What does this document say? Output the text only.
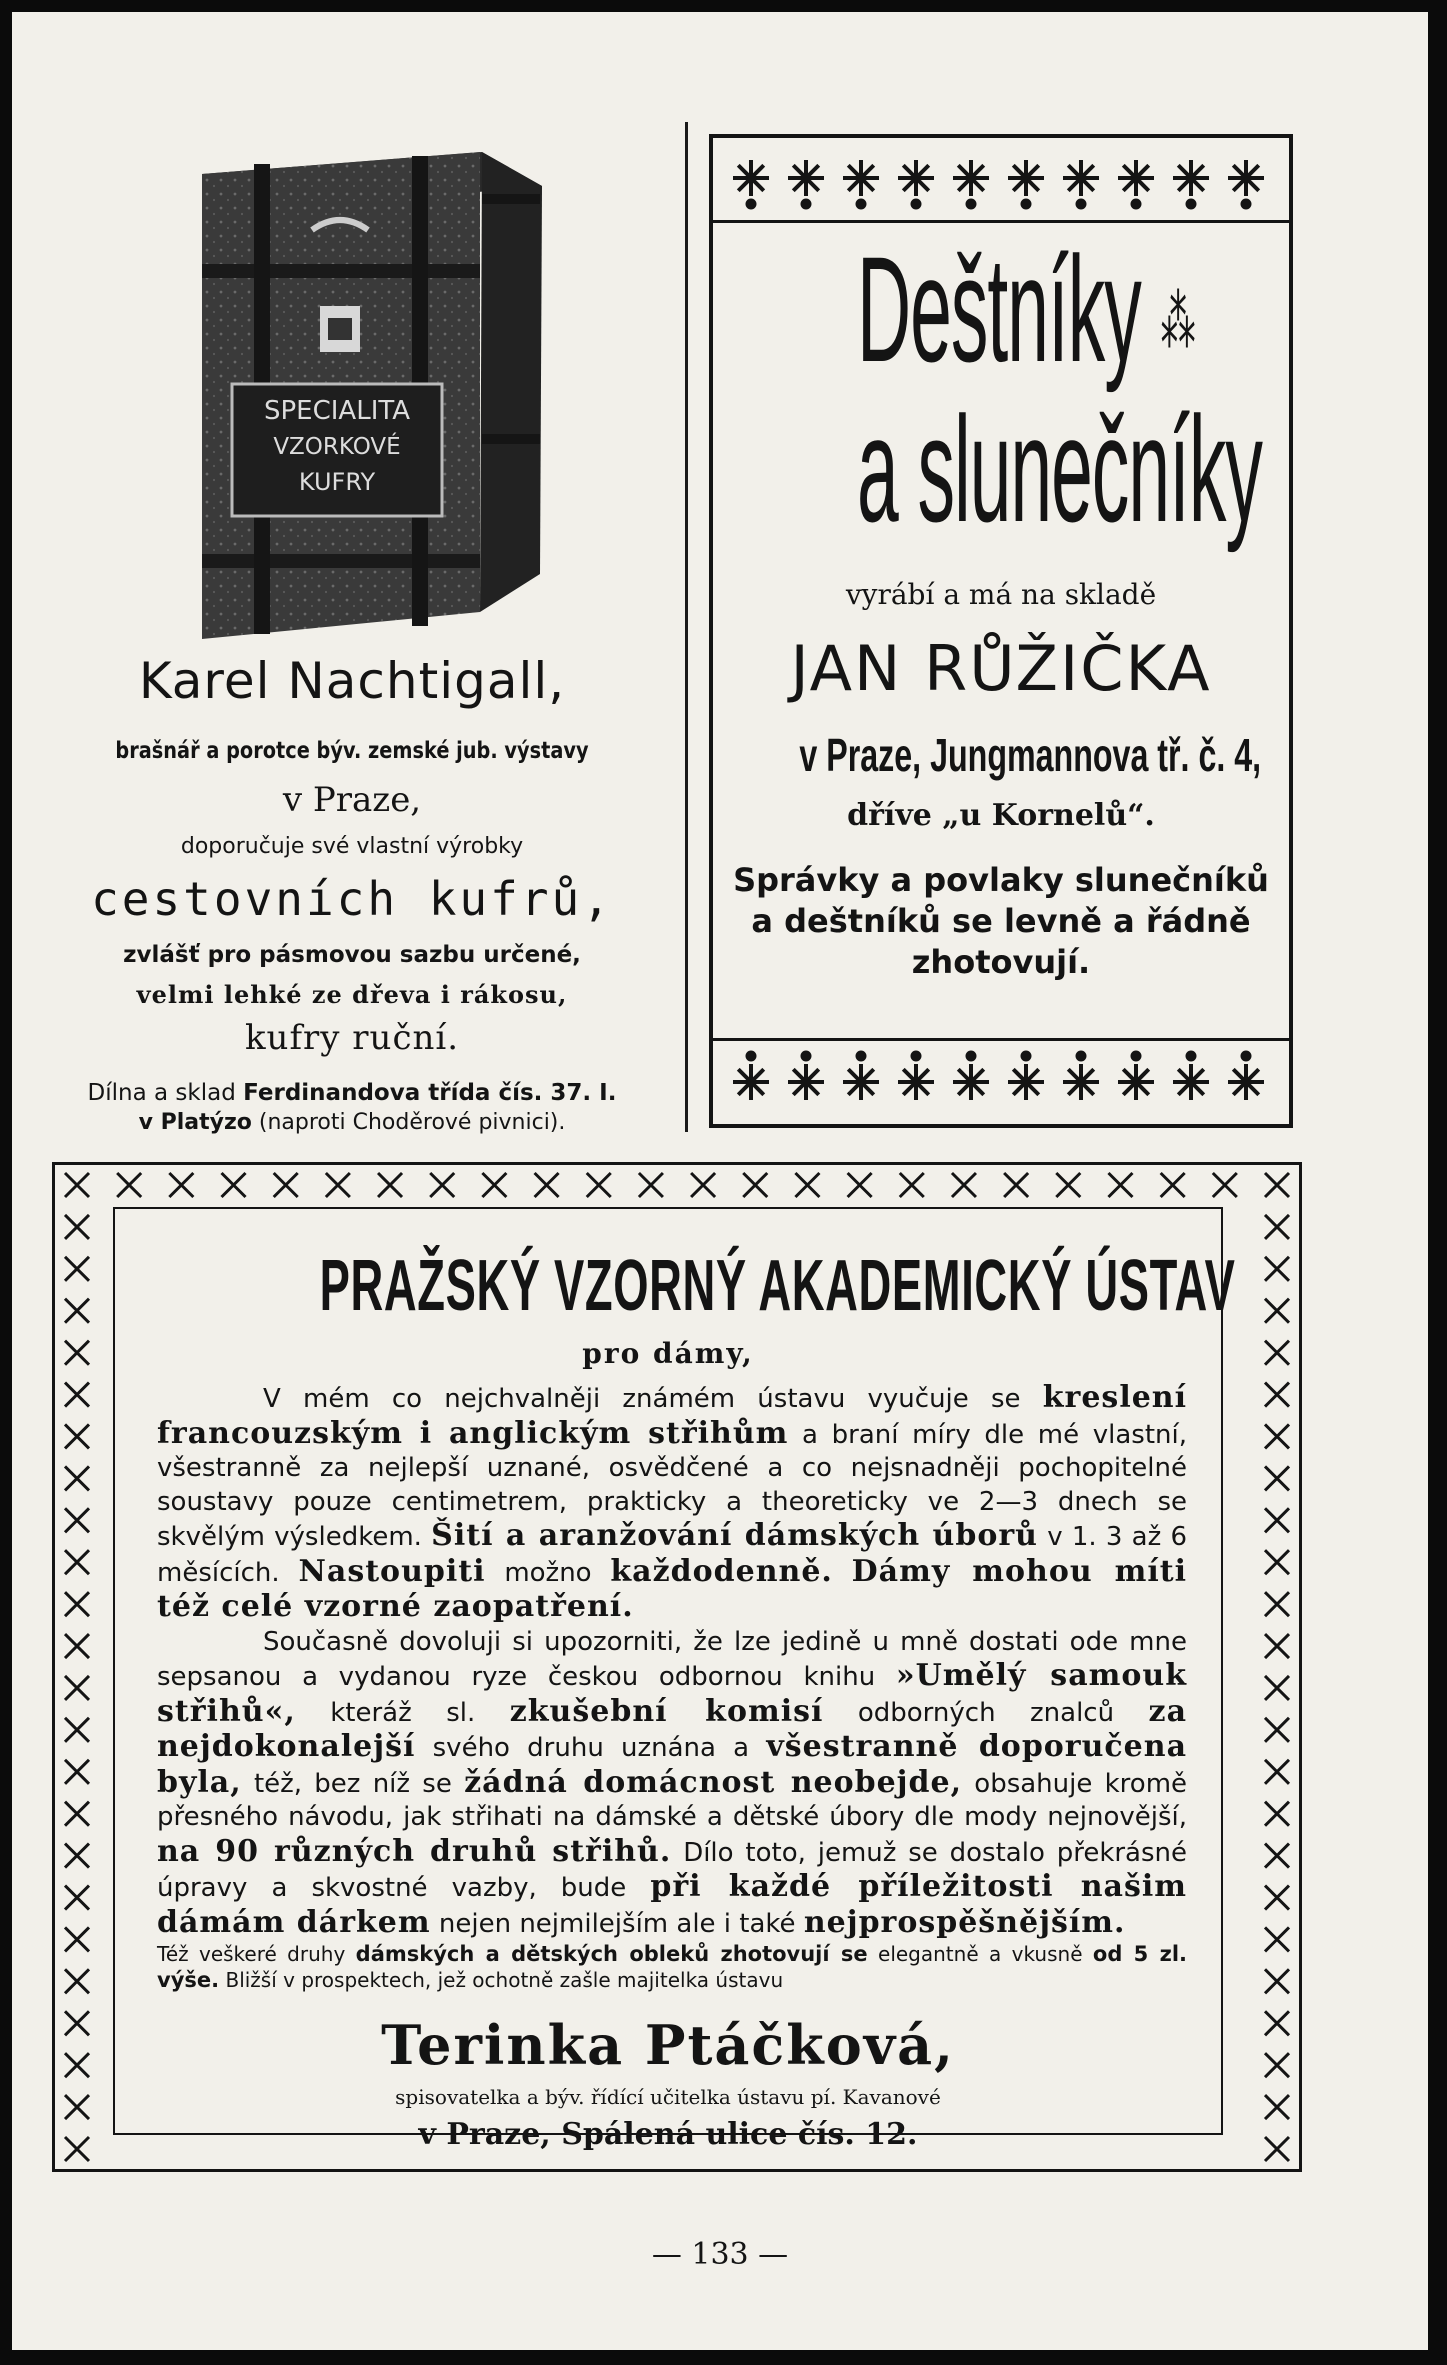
SPECIALITA
VZORKOVÉ
KUFRY
Karel Nachtigall,
brašnář a porotce býv. zemské jub. výstavy
v Praze,
doporučuje své vlastní výrobky
cestovních kufrů,
zvlášť pro pásmovou sazbu určené,
velmi lehké ze dřeva i rákosu,
kufry ruční.
Dílna a sklad Ferdinandova třída čís. 37. I.
v Platýzo (naproti Choděrové pivnici).
Deštníky ⁂
a slunečníky
vyrábí a má na skladě
JAN RŮŽIČKA
v Praze, Jungmannova tř. č. 4,
dříve „u Kornelů“.
Správky a povlaky slunečníků a deštníků se levně a řádně zhotovují.
PRAŽSKÝ VZORNÝ AKADEMICKÝ ÚSTAV
pro dámy,

V mém co nejchvalněji známém ústavu vyučuje se kreslení francouzským i anglickým střihům a braní míry dle mé vlastní, všestranně za nejlepší uznané, osvědčené a co nejsnadněji pochopitelné soustavy pouze centimetrem, prakticky a theoreticky ve 2—3 dnech se skvělým výsledkem. Šití a aranžování dámských úborů v 1. 3 až 6 měsících. Nastoupiti možno každodenně. Dámy mohou míti též celé vzorné zaopatření.

Současně dovoluji si upozorniti, že lze jedině u mně dostati ode mne sepsanou a vydanou ryze českou odbornou knihu »Umělý samouk střihů«, kteráž sl. zkušební komisí odborných znalců za nejdokonalejší svého druhu uznána a všestranně doporučena byla, též, bez níž se žádná domácnost neobejde, obsahuje kromě přesného návodu, jak střihati na dámské a dětské úbory dle mody nejnovější, na 90 různých druhů střihů. Dílo toto, jemuž se dostalo překrásné úpravy a skvostné vazby, bude při každé příležitosti našim dámám dárkem nejen nejmilejším ale i také nejprospěšnějším.

Též veškeré druhy dámských a dětských obleků zhotovují se elegantně a vkusně od 5 zl. výše. Bližší v prospektech, jež ochotně zašle majitelka ústavu

Terinka Ptáčková,
spisovatelka a býv. řídící učitelka ústavu pí. Kavanové
v Praze, Spálená ulice čís. 12.
— 133 —
